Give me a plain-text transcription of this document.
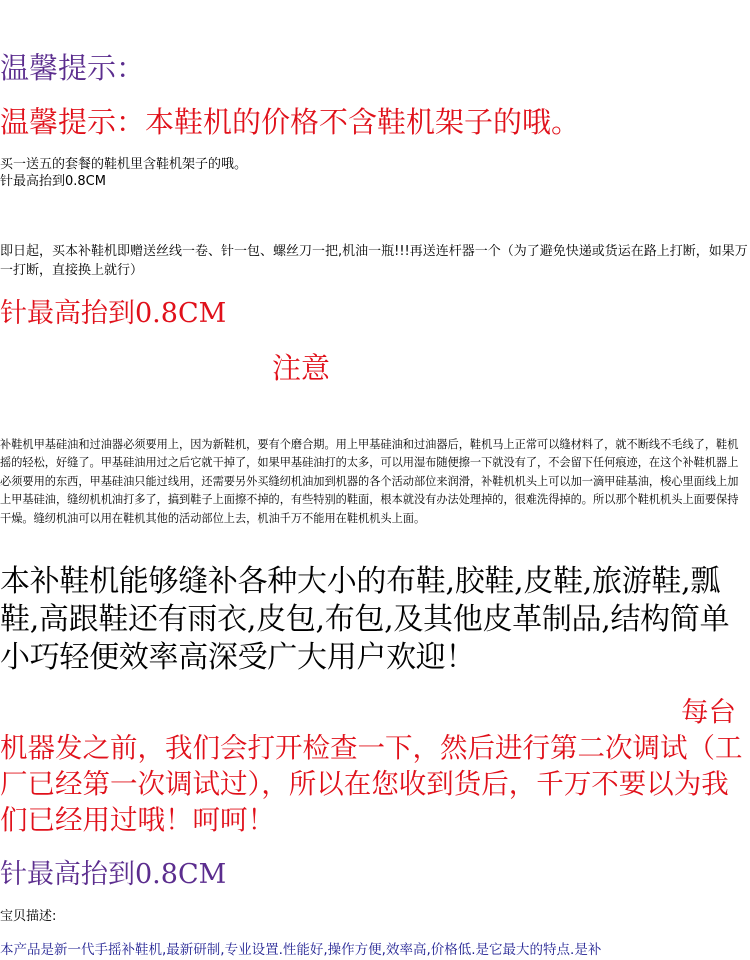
温馨提示：
温馨提示：本鞋机的价格不含鞋机架子的哦。
买一送五的套餐的鞋机里含鞋机架子的哦。
针最高抬到0.8CM
即日起，买本补鞋机即赠送丝线一卷、针一包、螺丝刀一把,机油一瓶!!!再送连杆器一个（为了避免快递或货运在路上打断，如果万一打断，直接换上就行）
针最高抬到0.8CM
注意
补鞋机甲基硅油和过油器必须要用上，因为新鞋机，要有个磨合期。用上甲基硅油和过油器后，鞋机马上正常可以缝材料了，就不断线不毛线了，鞋机摇的轻松，好缝了。甲基硅油用过之后它就干掉了，如果甲基硅油打的太多，可以用湿布随便擦一下就没有了，不会留下任何痕迹，在这个补鞋机器上必须要用的东西，甲基硅油只能过线用，还需要另外买缝纫机油加到机器的各个活动部位来润滑，补鞋机机头上可以加一滴甲硅基油，梭心里面线上加上甲基硅油，缝纫机机油打多了，搞到鞋子上面擦不掉的，有些特别的鞋面，根本就没有办法处理掉的，很难洗得掉的。所以那个鞋机机头上面要保持干燥。缝纫机油可以用在鞋机其他的活动部位上去，机油千万不能用在鞋机机头上面。
本补鞋机能够缝补各种大小的布鞋,胶鞋,皮鞋,旅游鞋,瓢鞋,高跟鞋还有雨衣,皮包,布包,及其他皮革制品,结构简单小巧轻便效率高深受广大用户欢迎！
每台
机器发之前，我们会打开检查一下，然后进行第二次调试（工厂已经第一次调试过），所以在您收到货后，千万不要以为我们已经用过哦！呵呵！
针最高抬到0.8CM
宝贝描述:
本产品是新一代手摇补鞋机,最新研制,专业设置.性能好,操作方便,效率高,价格低.是它最大的特点.是补
